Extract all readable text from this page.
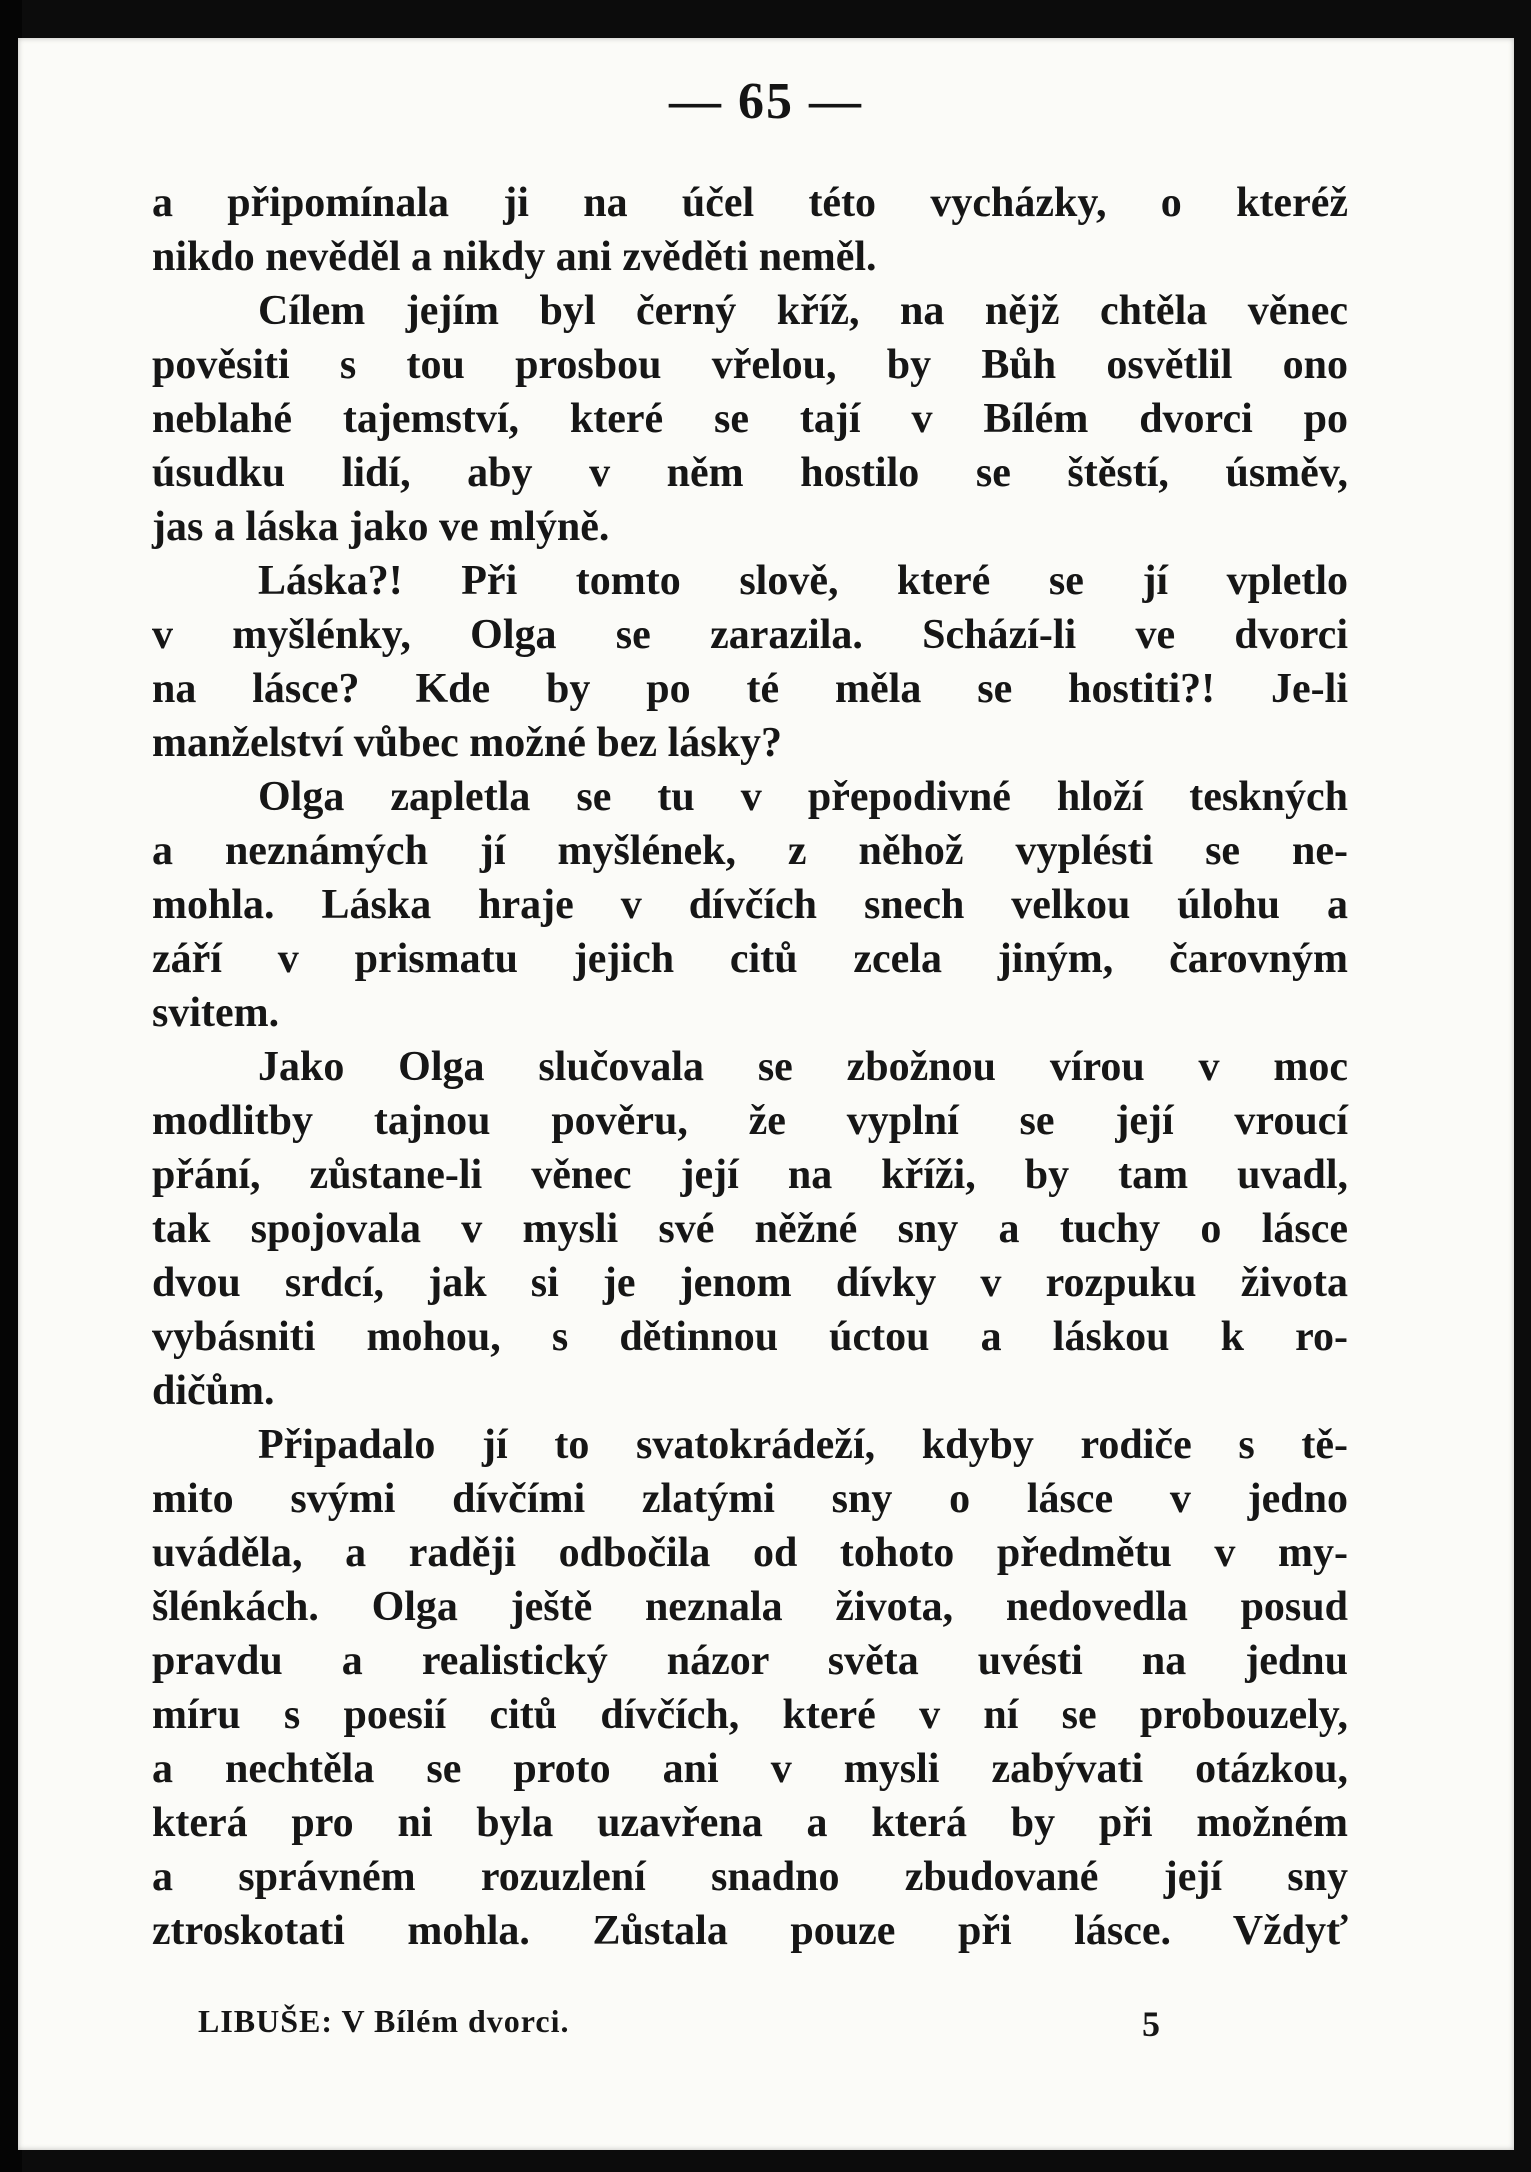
— 65 —
a připomínala ji na účel této vycházky, o kteréž
nikdo nevěděl a nikdy ani zvěděti neměl.
Cílem jejím byl černý kříž, na nějž chtěla věnec
pověsiti s tou prosbou vřelou, by Bůh osvětlil ono
neblahé tajemství, které se tají v Bílém dvorci po
úsudku lidí, aby v něm hostilo se štěstí, úsměv,
jas a láska jako ve mlýně.
Láska?! Při tomto slově, které se jí vpletlo
v myšlénky, Olga se zarazila. Schází-li ve dvorci
na lásce? Kde by po té měla se hostiti?! Je-li
manželství vůbec možné bez lásky?
Olga zapletla se tu v přepodivné hloží teskných
a neznámých jí myšlének, z něhož vyplésti se ne-
mohla. Láska hraje v dívčích snech velkou úlohu a
září v prismatu jejich citů zcela jiným, čarovným
svitem.
Jako Olga slučovala se zbožnou vírou v moc
modlitby tajnou pověru, že vyplní se její vroucí
přání, zůstane-li věnec její na kříži, by tam uvadl,
tak spojovala v mysli své něžné sny a tuchy o lásce
dvou srdcí, jak si je jenom dívky v rozpuku života
vybásniti mohou, s dětinnou úctou a láskou k ro-
dičům.
Připadalo jí to svatokrádeží, kdyby rodiče s tě-
mito svými dívčími zlatými sny o lásce v jedno
uváděla, a raději odbočila od tohoto předmětu v my-
šlénkách. Olga ještě neznala života, nedovedla posud
pravdu a realistický názor světa uvésti na jednu
míru s poesií citů dívčích, které v ní se probouzely,
a nechtěla se proto ani v mysli zabývati otázkou,
která pro ni byla uzavřena a která by při možném
a správném rozuzlení snadno zbudované její sny
ztroskotati mohla. Zůstala pouze při lásce. Vždyť
LIBUŠE: V Bílém dvorci.	5
